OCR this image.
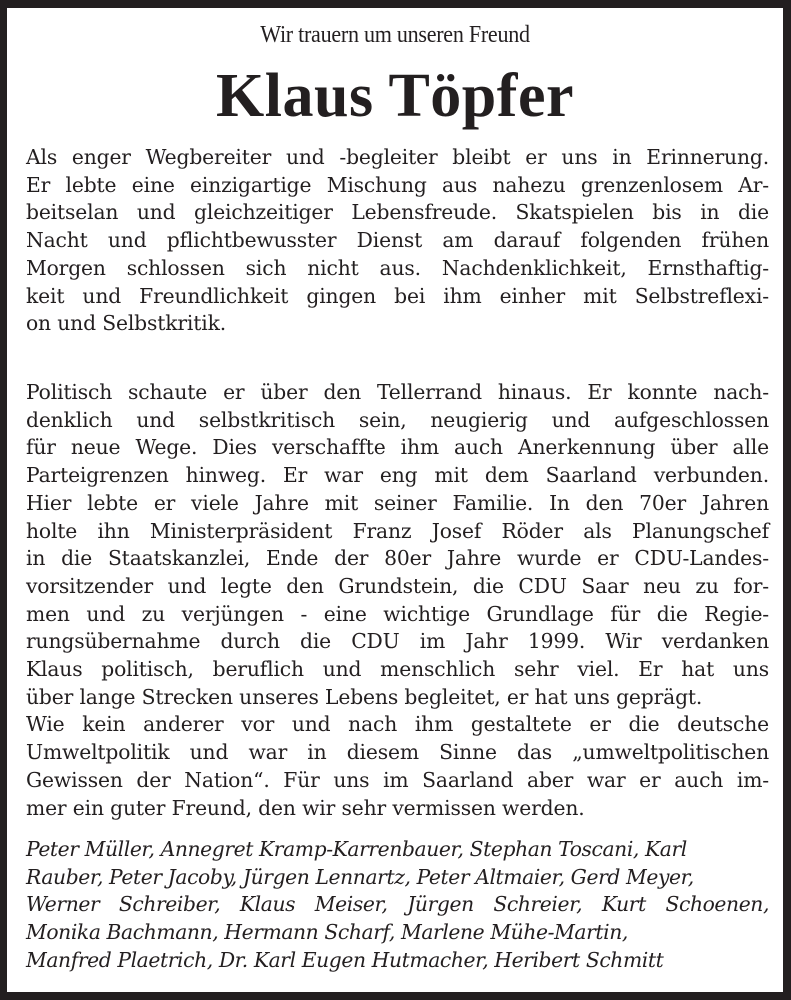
Wir trauern um unseren Freund
Klaus Töpfer
Als enger Wegbereiter und -begleiter bleibt er uns in Erinnerung.
Er lebte eine einzigartige Mischung aus nahezu grenzenlosem Ar-
beitselan und gleichzeitiger Lebensfreude. Skatspielen bis in die
Nacht und pflichtbewusster Dienst am darauf folgenden frühen
Morgen schlossen sich nicht aus. Nachdenklichkeit, Ernsthaftig-
keit und Freundlichkeit gingen bei ihm einher mit Selbstreflexi-
on und Selbstkritik.
Politisch schaute er über den Tellerrand hinaus. Er konnte nach-
denklich und selbstkritisch sein, neugierig und aufgeschlossen
für neue Wege. Dies verschaffte ihm auch Anerkennung über alle
Parteigrenzen hinweg. Er war eng mit dem Saarland verbunden.
Hier lebte er viele Jahre mit seiner Familie. In den 70er Jahren
holte ihn Ministerpräsident Franz Josef Röder als Planungschef
in die Staatskanzlei, Ende der 80er Jahre wurde er CDU-Landes-
vorsitzender und legte den Grundstein, die CDU Saar neu zu for-
men und zu verjüngen - eine wichtige Grundlage für die Regie-
rungsübernahme durch die CDU im Jahr 1999. Wir verdanken
Klaus politisch, beruflich und menschlich sehr viel. Er hat uns
über lange Strecken unseres Lebens begleitet, er hat uns geprägt.
Wie kein anderer vor und nach ihm gestaltete er die deutsche
Umweltpolitik und war in diesem Sinne das „umweltpolitischen
Gewissen der Nation“. Für uns im Saarland aber war er auch im-
mer ein guter Freund, den wir sehr vermissen werden.
Peter Müller, Annegret Kramp-Karrenbauer, Stephan Toscani, Karl
Rauber, Peter Jacoby, Jürgen Lennartz, Peter Altmaier, Gerd Meyer,
Werner Schreiber, Klaus Meiser, Jürgen Schreier, Kurt Schoenen,
Monika Bachmann, Hermann Scharf, Marlene Mühe-Martin,
Manfred Plaetrich, Dr. Karl Eugen Hutmacher, Heribert Schmitt
